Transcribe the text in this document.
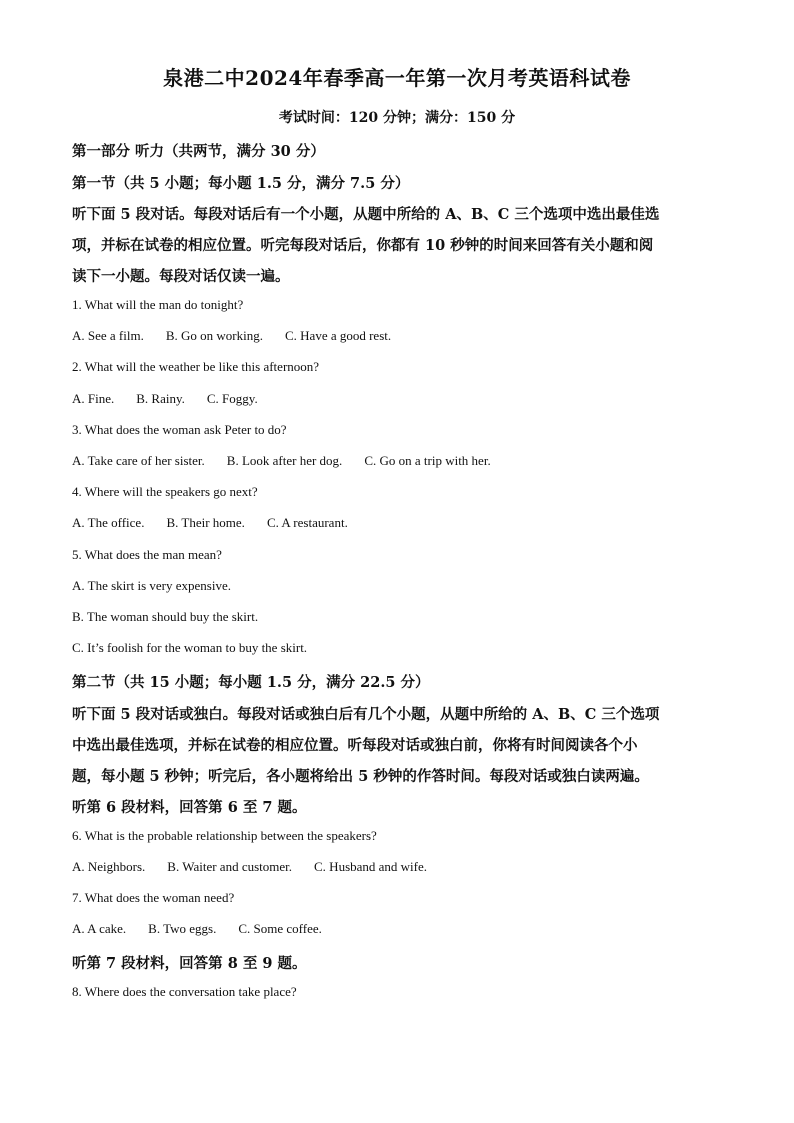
泉港二中2024年春季高一年第一次月考英语科试卷
考试时间：120 分钟；满分：150 分
第一部分 听力（共两节，满分 30 分）
第一节（共 5 小题；每小题 1.5 分，满分 7.5 分）
听下面 5 段对话。每段对话后有一个小题，从题中所给的 A、B、C 三个选项中选出最佳选
项，并标在试卷的相应位置。听完每段对话后，你都有 10 秒钟的时间来回答有关小题和阅
读下一小题。每段对话仅读一遍。
1. What will the man do tonight?
A. See a film. B. Go on working. C. Have a good rest.
2. What will the weather be like this afternoon?
A. Fine. B. Rainy. C. Foggy.
3. What does the woman ask Peter to do?
A. Take care of her sister. B. Look after her dog. C. Go on a trip with her.
4. Where will the speakers go next?
A. The office. B. Their home. C. A restaurant.
5. What does the man mean?
A. The skirt is very expensive.
B. The woman should buy the skirt.
C. It’s foolish for the woman to buy the skirt.
第二节（共 15 小题；每小题 1.5 分，满分 22.5 分）
听下面 5 段对话或独白。每段对话或独白后有几个小题，从题中所给的 A、B、C 三个选项
中选出最佳选项，并标在试卷的相应位置。听每段对话或独白前，你将有时间阅读各个小
题，每小题 5 秒钟；听完后，各小题将给出 5 秒钟的作答时间。每段对话或独白读两遍。
听第 6 段材料，回答第 6 至 7 题。
6. What is the probable relationship between the speakers?
A. Neighbors. B. Waiter and customer. C. Husband and wife.
7. What does the woman need?
A. A cake. B. Two eggs. C. Some coffee.
听第 7 段材料，回答第 8 至 9 题。
8. Where does the conversation take place?
